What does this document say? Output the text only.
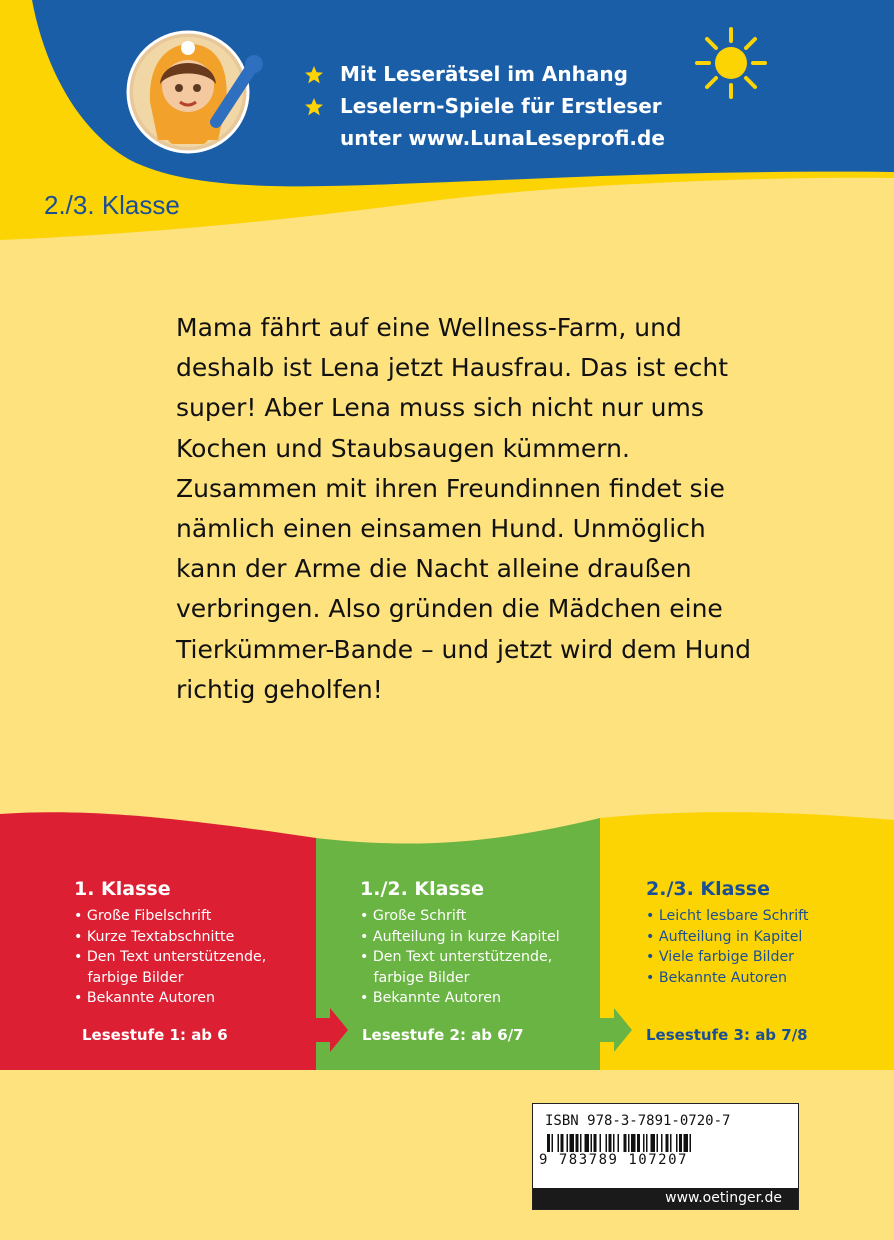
Mit Leserätsel im Anhang
Leselern-Spiele für Erstleser
unter www.LunaLeseprofi.de
2./3. Klasse

Mama fährt auf eine Wellness-Farm, und
deshalb ist Lena jetzt Hausfrau. Das ist echt
super! Aber Lena muss sich nicht nur ums
Kochen und Staubsaugen kümmern.
Zusammen mit ihren Freundinnen findet sie
nämlich einen einsamen Hund. Unmöglich
kann der Arme die Nacht alleine draußen
verbringen. Also gründen die Mädchen eine
Tierkümmer-Bande – und jetzt wird dem Hund
richtig geholfen!

1. Klasse
• Große Fibelschrift
• Kurze Textabschnitte
• Den Text unterstützende,
farbige Bilder
• Bekannte Autoren
Lesestufe 1: ab 6
1./2. Klasse
• Große Schrift
• Aufteilung in kurze Kapitel
• Den Text unterstützende,
farbige Bilder
• Bekannte Autoren
Lesestufe 2: ab 6/7
2./3. Klasse
• Leicht lesbare Schrift
• Aufteilung in Kapitel
• Viele farbige Bilder
• Bekannte Autoren
Lesestufe 3: ab 7/8
ISBN 978-3-7891-0720-7
9 783789 107207
www.oetinger.de
